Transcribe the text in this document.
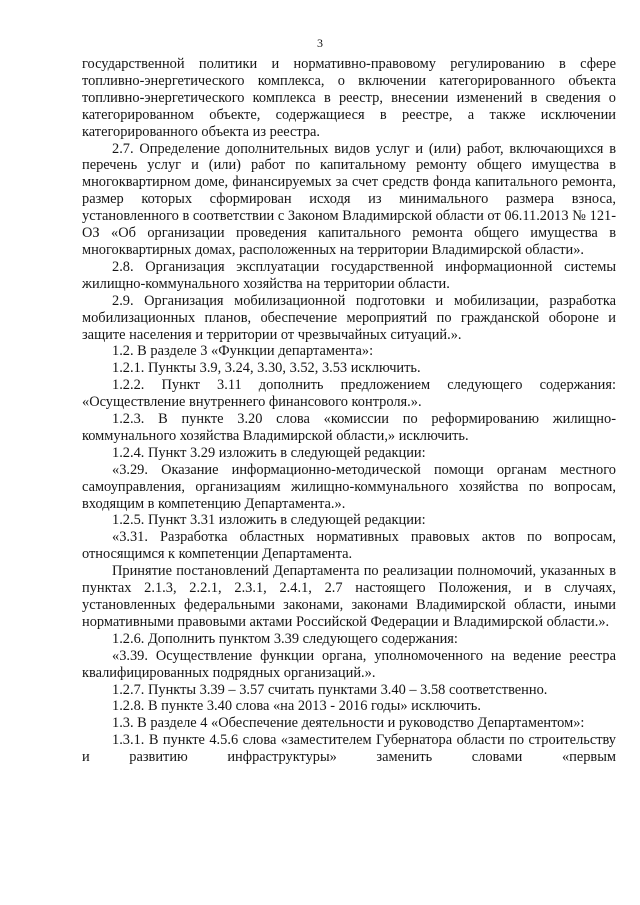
3

государственной политики и нормативно-правовому регулированию в сфере топливно-энергетического комплекса, о включении категорированного объекта топливно-энергетического комплекса в реестр, внесении изменений в сведения о категорированном объекте, содержащиеся в реестре, а также исключении категорированного объекта из реестра.

2.7. Определение дополнительных видов услуг и (или) работ, включающихся в перечень услуг и (или) работ по капитальному ремонту общего имущества в многоквартирном доме, финансируемых за счет средств фонда капитального ремонта, размер которых сформирован исходя из минимального размера взноса, установленного в соответствии с Законом Владимирской области от 06.11.2013 № 121-ОЗ «Об организации проведения капитального ремонта общего имущества в многоквартирных домах, расположенных на территории Владимирской области».

2.8. Организация эксплуатации государственной информационной системы жилищно-коммунального хозяйства на территории области.

2.9. Организация мобилизационной подготовки и мобилизации, разработка мобилизационных планов, обеспечение мероприятий по гражданской обороне и защите населения и территории от чрезвычайных ситуаций.».

1.2. В разделе 3 «Функции департамента»:

1.2.1. Пункты 3.9, 3.24, 3.30, 3.52, 3.53 исключить.

1.2.2. Пункт 3.11 дополнить предложением следующего содержания: «Осуществление внутреннего финансового контроля.».

1.2.3. В пункте 3.20 слова «комиссии по реформированию жилищно-коммунального хозяйства Владимирской области,» исключить.

1.2.4. Пункт 3.29 изложить в следующей редакции:

«3.29. Оказание информационно-методической помощи органам местного самоуправления, организациям жилищно-коммунального хозяйства по вопросам, входящим в компетенцию Департамента.».

1.2.5. Пункт 3.31 изложить в следующей редакции:

«3.31. Разработка областных нормативных правовых актов по вопросам, относящимся к компетенции Департамента.

Принятие постановлений Департамента по реализации полномочий, указанных в пунктах 2.1.3, 2.2.1, 2.3.1, 2.4.1, 2.7 настоящего Положения, и в случаях, установленных федеральными законами, законами Владимирской области, иными нормативными правовыми актами Российской Федерации и Владимирской области.».

1.2.6. Дополнить пунктом 3.39 следующего содержания:

«3.39. Осуществление функции органа, уполномоченного на ведение реестра квалифицированных подрядных организаций.».

1.2.7. Пункты 3.39 – 3.57 считать пунктами 3.40 – 3.58 соответственно.

1.2.8. В пункте 3.40 слова «на 2013 - 2016 годы» исключить.

1.3. В разделе 4 «Обеспечение деятельности и руководство Департаментом»:

1.3.1. В пункте 4.5.6 слова «заместителем Губернатора области по строительству и развитию инфраструктуры» заменить словами «первым
